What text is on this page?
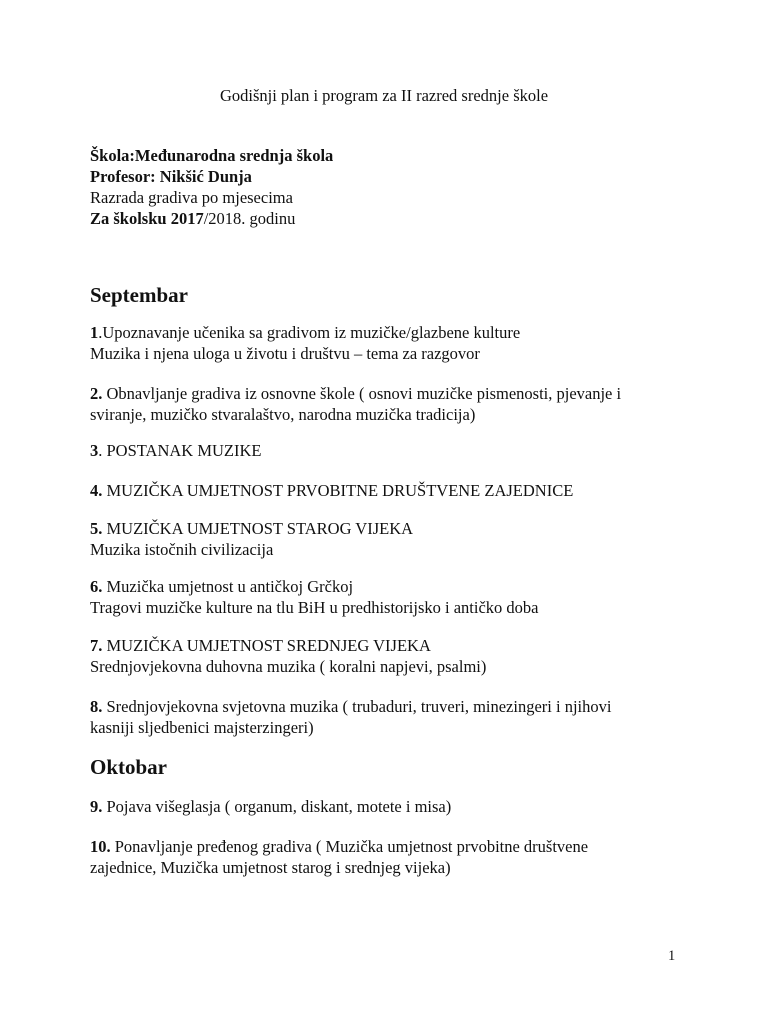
Godišnji plan i program za II razred srednje škole
Škola:Međunarodna srednja škola
Profesor: Nikšić Dunja
Razrada gradiva po mjesecima
Za školsku 2017/2018. godinu
Septembar
1.Upoznavanje učenika sa gradivom iz muzičke/glazbene kulture
Muzika i njena uloga u životu i društvu – tema za razgovor
2. Obnavljanje gradiva iz osnovne škole ( osnovi muzičke pismenosti, pjevanje i
sviranje, muzičko stvaralaštvo, narodna muzička tradicija)
3. POSTANAK MUZIKE
4. MUZIČKA UMJETNOST PRVOBITNE DRUŠTVENE ZAJEDNICE
5. MUZIČKA UMJETNOST STAROG VIJEKA
Muzika istočnih civilizacija
6. Muzička umjetnost u antičkoj Grčkoj
Tragovi muzičke kulture na tlu BiH u predhistorijsko i antičko doba
7. MUZIČKA UMJETNOST SREDNJEG VIJEKA
Srednjovjekovna duhovna muzika ( koralni napjevi, psalmi)
8. Srednjovjekovna svjetovna muzika ( trubaduri, truveri, minezingeri i njihovi
kasniji sljedbenici majsterzingeri)
Oktobar
9. Pojava višeglasja ( organum, diskant, motete i misa)
10. Ponavljanje pređenog gradiva ( Muzička umjetnost prvobitne društvene
zajednice, Muzička umjetnost starog i srednjeg vijeka)
1
